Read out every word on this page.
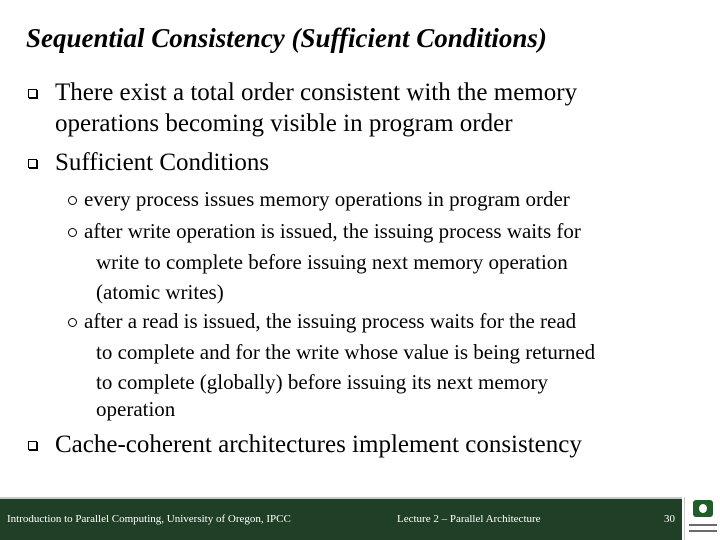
Sequential Consistency (Sufficient Conditions)
There exist a total order consistent with the memory
operations becoming visible in program order
Sufficient Conditions
every process issues memory operations in program order
after write operation is issued, the issuing process waits for
write to complete before issuing next memory operation
(atomic writes)
after a read is issued, the issuing process waits for the read
to complete and for the write whose value is being returned
to complete (globally) before issuing its next memory
operation
Cache-coherent architectures implement consistency
Introduction to Parallel Computing, University of Oregon, IPCC	Lecture 2 – Parallel Architecture	30
